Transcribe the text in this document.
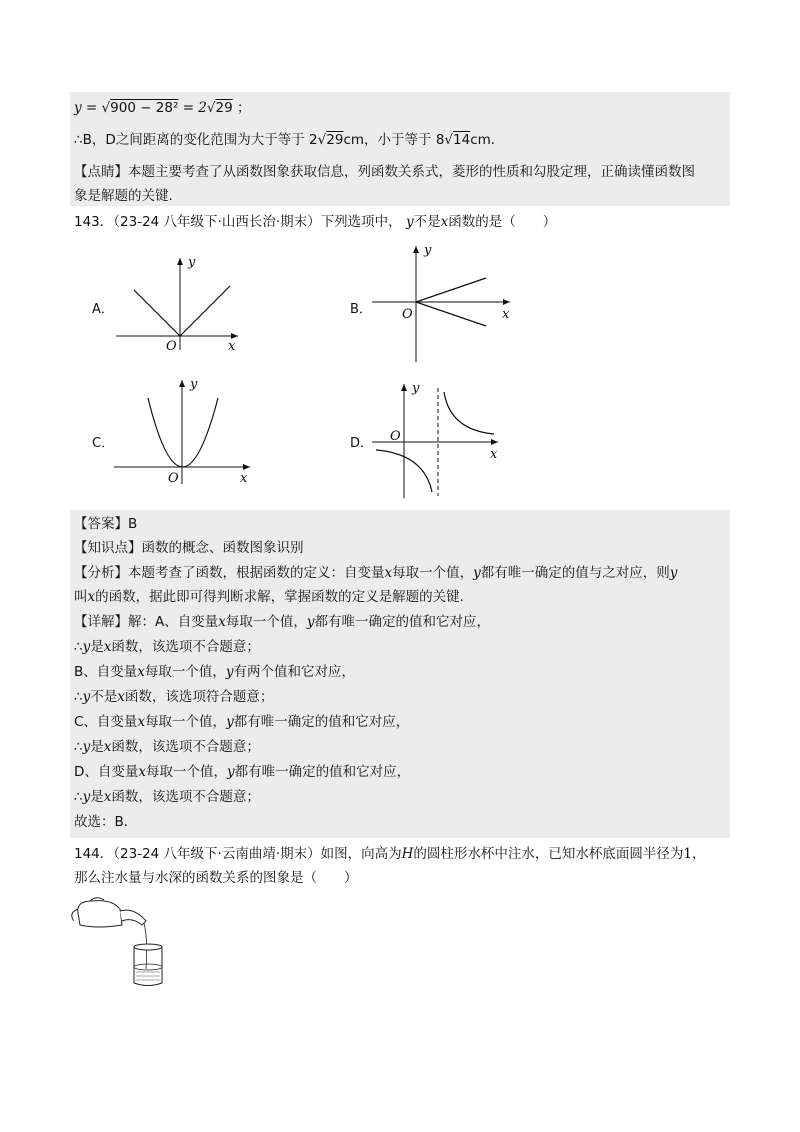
y = √900 − 28² = 2√29 ；
∴B，D之间距离的变化范围为大于等于 2√29cm，小于等于 8√14cm．
【点睛】本题主要考查了从函数图象获取信息，列函数关系式，菱形的性质和勾股定理，正确读懂函数图
象是解题的关键.
143．（23-24 八年级下·山西长治·期末）下列选项中， y不是x函数的是（　　）
A．
y
x
O
B．
y
x
O
C．
y
x
O
D．
y
x
O
【答案】B
【知识点】函数的概念、函数图象识别
【分析】本题考查了函数，根据函数的定义：自变量x每取一个值，y都有唯一确定的值与之对应，则y
叫x的函数，据此即可得判断求解，掌握函数的定义是解题的关键.
【详解】解：A、自变量x每取一个值，y都有唯一确定的值和它对应，
∴y是x函数，该选项不合题意；
B、自变量x每取一个值，y有两个值和它对应，
∴y不是x函数，该选项符合题意；
C、自变量x每取一个值，y都有唯一确定的值和它对应，
∴y是x函数，该选项不合题意；
D、自变量x每取一个值，y都有唯一确定的值和它对应，
∴y是x函数，该选项不合题意；
故选：B．
144．（23-24 八年级下·云南曲靖·期末）如图，向高为H的圆柱形水杯中注水，已知水杯底面圆半径为1，
那么注水量与水深的函数关系的图象是（　　）
